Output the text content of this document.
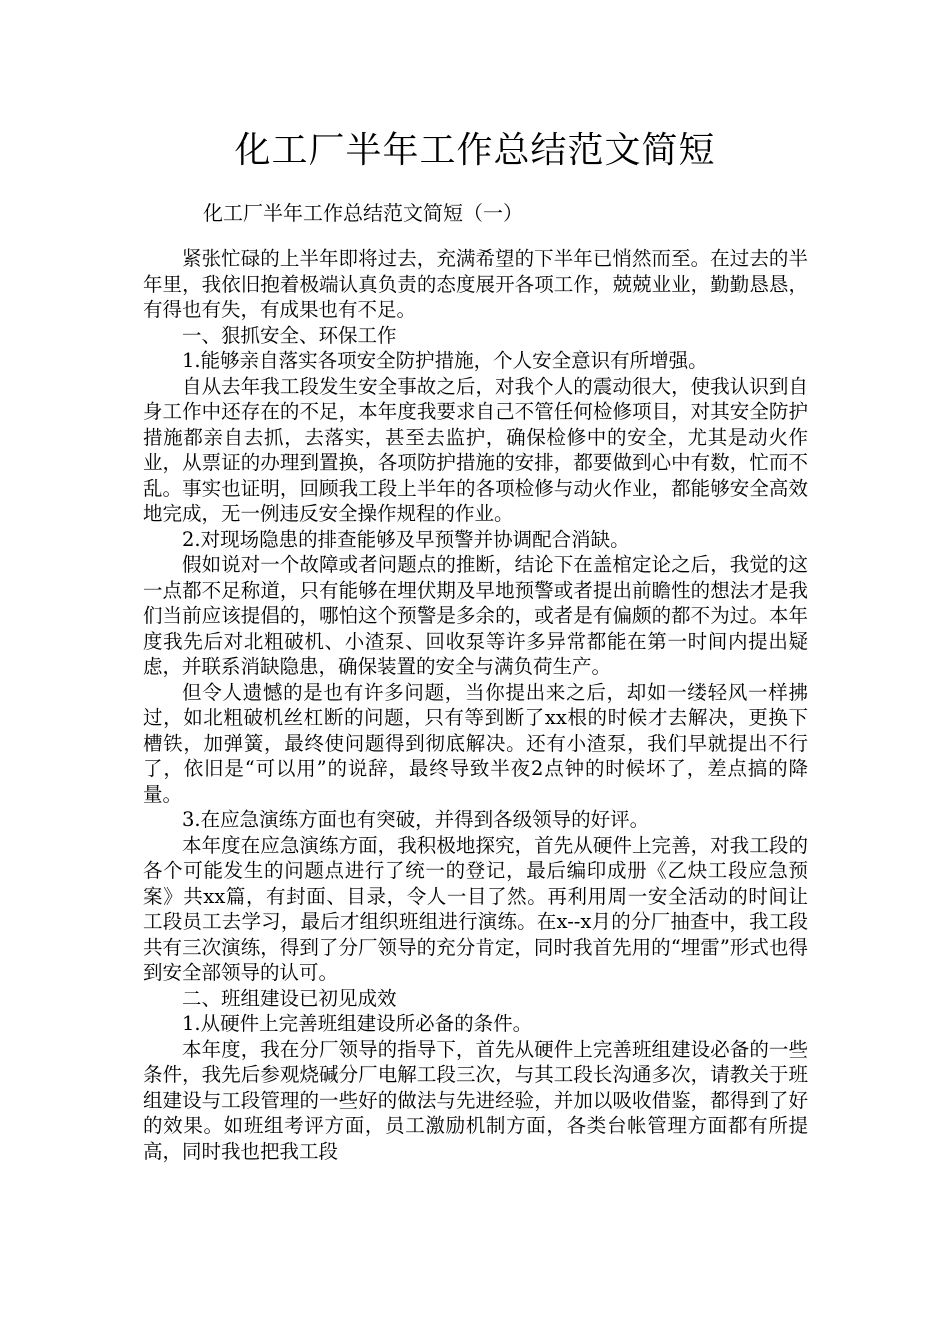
化工厂半年工作总结范文简短

化工厂半年工作总结范文简短（一）

紧张忙碌的上半年即将过去，充满希望的下半年已悄然而至。在过去的半年里，我依旧抱着极端认真负责的态度展开各项工作，兢兢业业，勤勤恳恳，有得也有失，有成果也有不足。

一、狠抓安全、环保工作

1.能够亲自落实各项安全防护措施，个人安全意识有所增强。

自从去年我工段发生安全事故之后，对我个人的震动很大，使我认识到自身工作中还存在的不足，本年度我要求自己不管任何检修项目，对其安全防护措施都亲自去抓，去落实，甚至去监护，确保检修中的安全，尤其是动火作业，从票证的办理到置换，各项防护措施的安排，都要做到心中有数，忙而不乱。事实也证明，回顾我工段上半年的各项检修与动火作业，都能够安全高效地完成，无一例违反安全操作规程的作业。

2.对现场隐患的排查能够及早预警并协调配合消缺。

假如说对一个故障或者问题点的推断，结论下在盖棺定论之后，我觉的这一点都不足称道，只有能够在埋伏期及早地预警或者提出前瞻性的想法才是我们当前应该提倡的，哪怕这个预警是多余的，或者是有偏颇的都不为过。本年度我先后对北粗破机、小渣泵、回收泵等许多异常都能在第一时间内提出疑虑，并联系消缺隐患，确保装置的安全与满负荷生产。

但令人遗憾的是也有许多问题，当你提出来之后，却如一缕轻风一样拂过，如北粗破机丝杠断的问题，只有等到断了xx根的时候才去解决，更换下槽铁，加弹簧，最终使问题得到彻底解决。还有小渣泵，我们早就提出不行了，依旧是“可以用”的说辞，最终导致半夜2点钟的时候坏了，差点搞的降量。

3.在应急演练方面也有突破，并得到各级领导的好评。

本年度在应急演练方面，我积极地探究，首先从硬件上完善，对我工段的各个可能发生的问题点进行了统一的登记，最后编印成册《乙炔工段应急预案》共xx篇，有封面、目录，令人一目了然。再利用周一安全活动的时间让工段员工去学习，最后才组织班组进行演练。在x--x月的分厂抽查中，我工段共有三次演练，得到了分厂领导的充分肯定，同时我首先用的“埋雷”形式也得到安全部领导的认可。

二、班组建设已初见成效

1.从硬件上完善班组建设所必备的条件。

本年度，我在分厂领导的指导下，首先从硬件上完善班组建设必备的一些条件，我先后参观烧碱分厂电解工段三次，与其工段长沟通多次，请教关于班组建设与工段管理的一些好的做法与先进经验，并加以吸收借鉴，都得到了好的效果。如班组考评方面，员工激励机制方面，各类台帐管理方面都有所提高，同时我也把我工段
